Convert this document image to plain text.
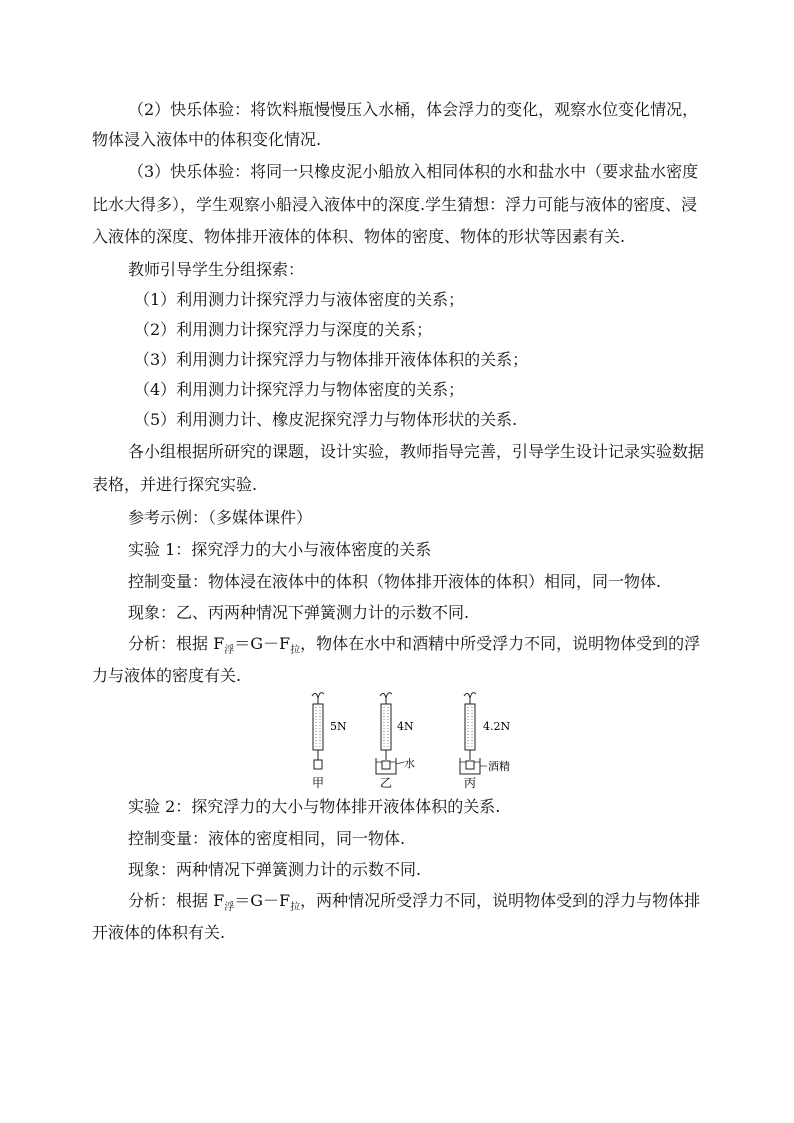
（2）快乐体验：将饮料瓶慢慢压入水桶，体会浮力的变化，观察水位变化情况，
物体浸入液体中的体积变化情况.
（3）快乐体验：将同一只橡皮泥小船放入相同体积的水和盐水中（要求盐水密度
比水大得多），学生观察小船浸入液体中的深度.学生猜想：浮力可能与液体的密度、浸
入液体的深度、物体排开液体的体积、物体的密度、物体的形状等因素有关.
教师引导学生分组探索：
（1）利用测力计探究浮力与液体密度的关系；
（2）利用测力计探究浮力与深度的关系；
（3）利用测力计探究浮力与物体排开液体体积的关系；
（4）利用测力计探究浮力与物体密度的关系；
（5）利用测力计、橡皮泥探究浮力与物体形状的关系.
各小组根据所研究的课题，设计实验，教师指导完善，引导学生设计记录实验数据
表格，并进行探究实验.
参考示例：（多媒体课件）
实验 1：探究浮力的大小与液体密度的关系
控制变量：物体浸在液体中的体积（物体排开液体的体积）相同，同一物体.
现象：乙、丙两种情况下弹簧测力计的示数不同.
分析：根据 $F_浮=G-F_拉$，物体在水中和酒精中所受浮力不同，说明物体受到的浮
力与液体的密度有关.
5N
甲
4N
水
乙
4.2N
酒精
丙
实验 2：探究浮力的大小与物体排开液体体积的关系.
控制变量：液体的密度相同，同一物体.
现象：两种情况下弹簧测力计的示数不同.
分析：根据 $F_浮=G-F_拉$，两种情况所受浮力不同，说明物体受到的浮力与物体排
开液体的体积有关.
